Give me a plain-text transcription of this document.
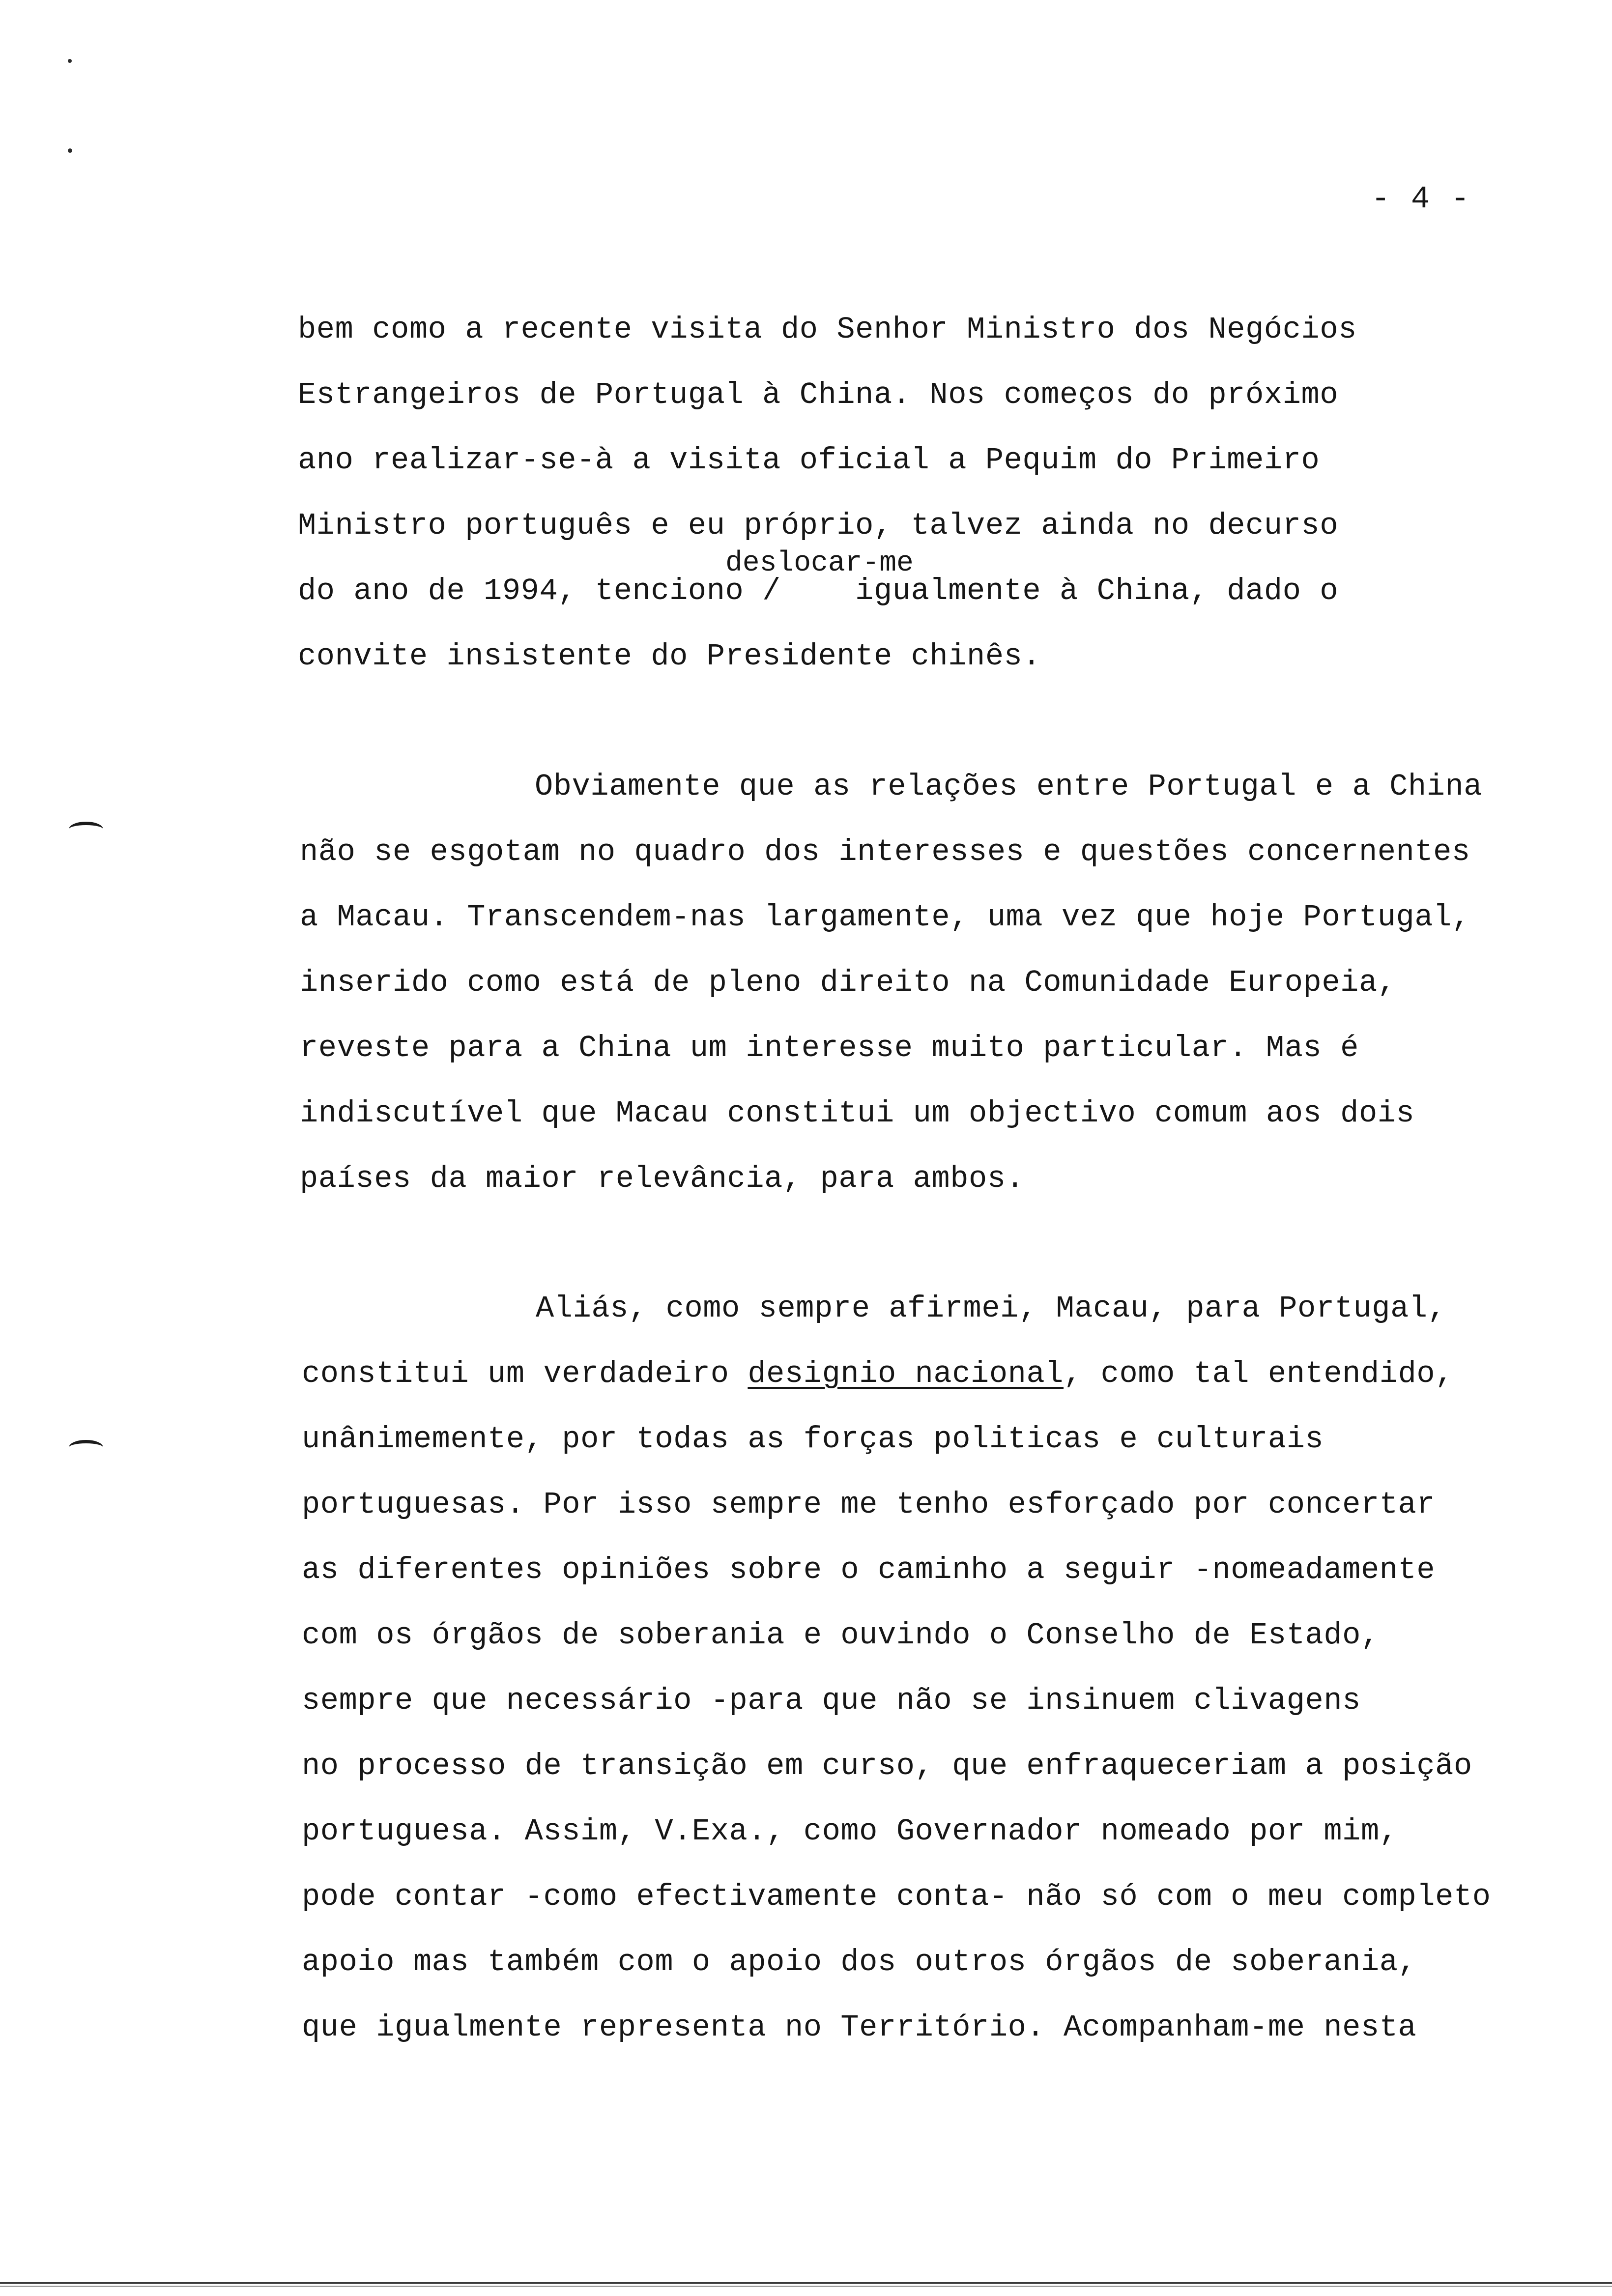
- 4 -
bem como a recente visita do Senhor Ministro dos Negócios
Estrangeiros de Portugal à China. Nos começos do próximo
ano realizar-se-à a visita oficial a Pequim do Primeiro
Ministro português e eu próprio, talvez ainda no decurso
deslocar-me
do ano de 1994, tenciono /    igualmente à China, dado o
convite insistente do Presidente chinês.
Obviamente que as relações entre Portugal e a China
não se esgotam no quadro dos interesses e questões concernentes
a Macau. Transcendem-nas largamente, uma vez que hoje Portugal,
inserido como está de pleno direito na Comunidade Europeia,
reveste para a China um interesse muito particular. Mas é
indiscutível que Macau constitui um objectivo comum aos dois
países da maior relevância, para ambos.
Aliás, como sempre afirmei, Macau, para Portugal,
constitui um verdadeiro designio nacional, como tal entendido,
unânimemente, por todas as forças politicas e culturais
portuguesas. Por isso sempre me tenho esforçado por concertar
as diferentes opiniões sobre o caminho a seguir -nomeadamente
com os órgãos de soberania e ouvindo o Conselho de Estado,
sempre que necessário -para que não se insinuem clivagens
no processo de transição em curso, que enfraqueceriam a posição
portuguesa. Assim, V.Exa., como Governador nomeado por mim,
pode contar -como efectivamente conta- não só com o meu completo
apoio mas também com o apoio dos outros órgãos de soberania,
que igualmente representa no Território. Acompanham-me nesta
